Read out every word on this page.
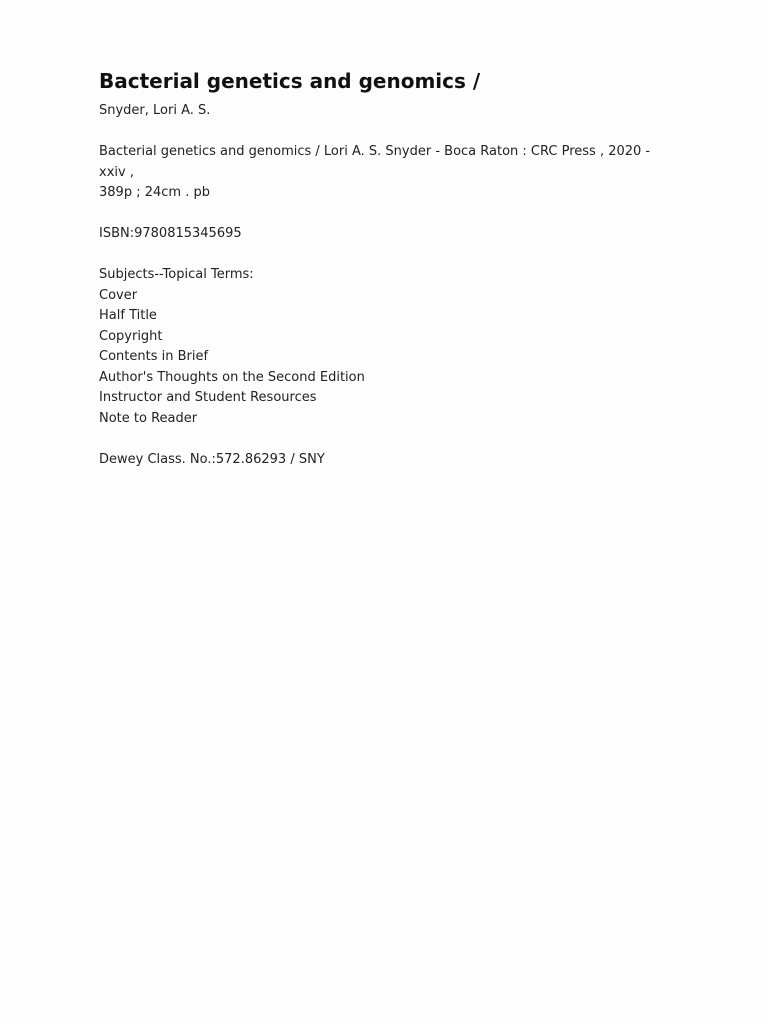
Bacterial genetics and genomics /
Snyder, Lori A. S.
Bacterial genetics and genomics / Lori A. S. Snyder - Boca Raton : CRC Press , 2020 - xxiv ,
389p ; 24cm . pb
ISBN:9780815345695
Subjects--Topical Terms:
Cover
Half Title
Copyright
Contents in Brief
Author's Thoughts on the Second Edition
Instructor and Student Resources
Note to Reader
Dewey Class. No.:572.86293 / SNY
